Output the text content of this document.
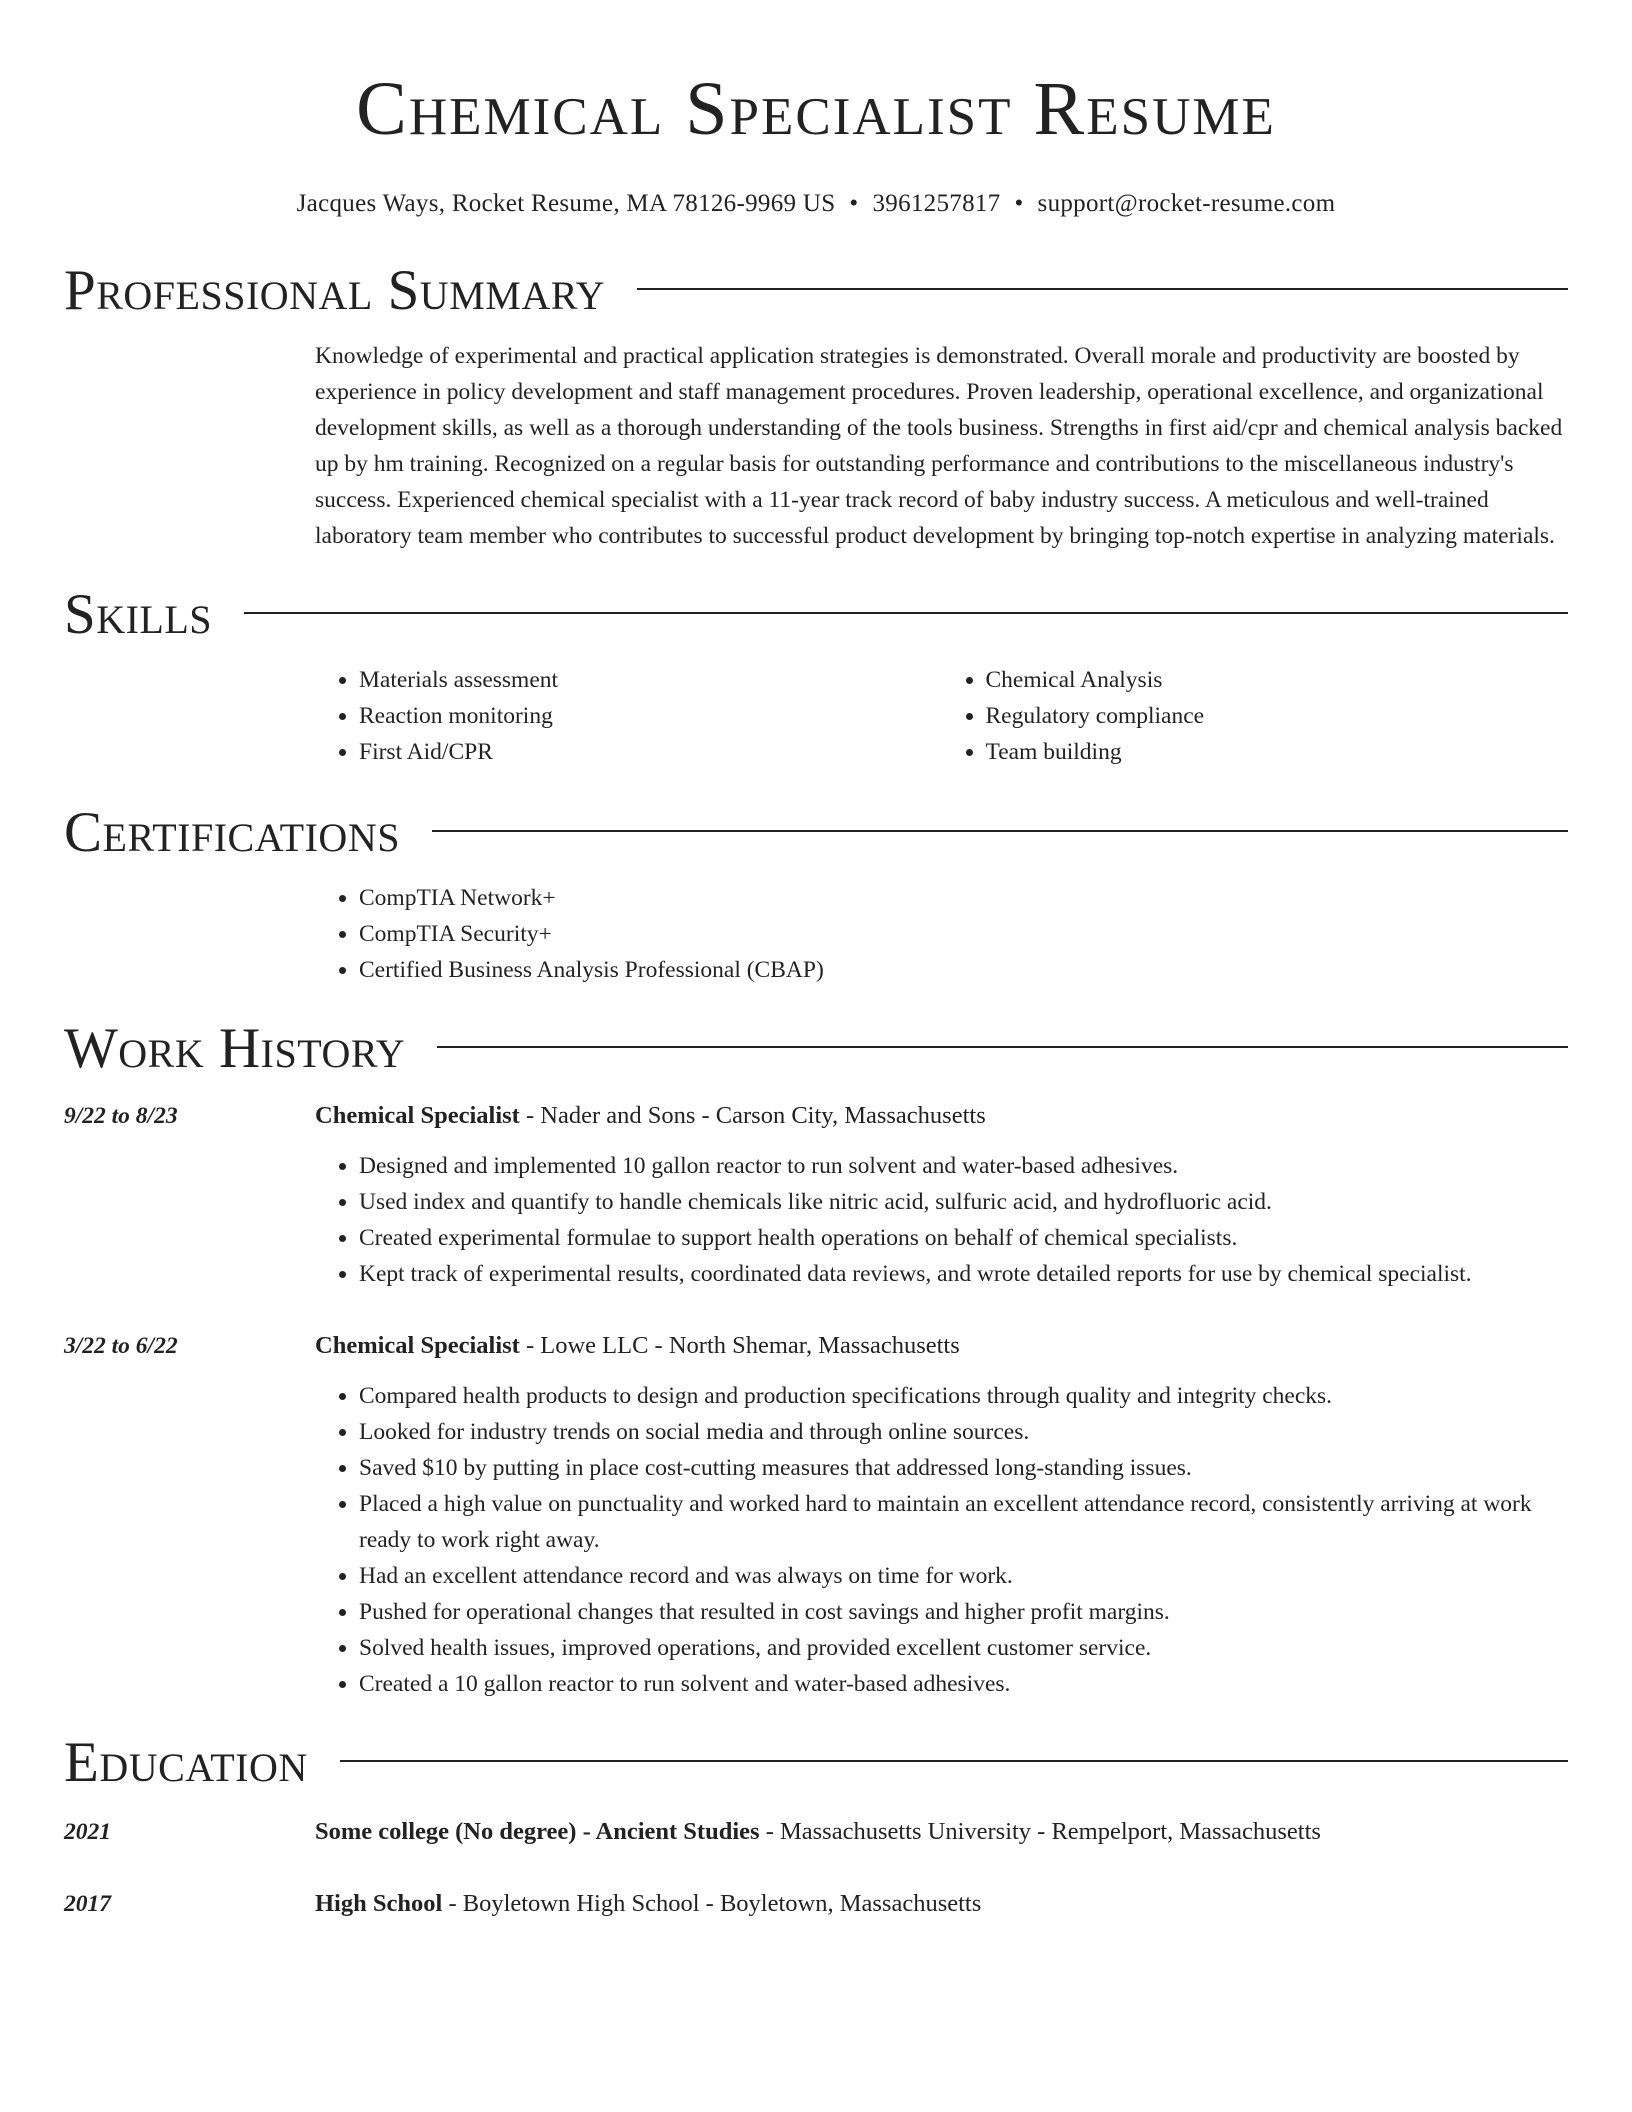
Chemical Specialist Resume
Jacques Ways, Rocket Resume, MA 78126-9969 US • 3961257817 • support@rocket-resume.com
Professional Summary
Knowledge of experimental and practical application strategies is demonstrated. Overall morale and productivity are boosted by experience in policy development and staff management procedures. Proven leadership, operational excellence, and organizational development skills, as well as a thorough understanding of the tools business. Strengths in first aid/cpr and chemical analysis backed up by hm training. Recognized on a regular basis for outstanding performance and contributions to the miscellaneous industry's success. Experienced chemical specialist with a 11-year track record of baby industry success. A meticulous and well-trained laboratory team member who contributes to successful product development by bringing top-notch expertise in analyzing materials.
Skills
• Materials assessment
• Reaction monitoring
• First Aid/CPR
• Chemical Analysis
• Regulatory compliance
• Team building
Certifications
• CompTIA Network+
• CompTIA Security+
• Certified Business Analysis Professional (CBAP)
Work History
9/22 to 8/23	Chemical Specialist - Nader and Sons - Carson City, Massachusetts
• Designed and implemented 10 gallon reactor to run solvent and water-based adhesives.
• Used index and quantify to handle chemicals like nitric acid, sulfuric acid, and hydrofluoric acid.
• Created experimental formulae to support health operations on behalf of chemical specialists.
• Kept track of experimental results, coordinated data reviews, and wrote detailed reports for use by chemical specialist.
3/22 to 6/22	Chemical Specialist - Lowe LLC - North Shemar, Massachusetts
• Compared health products to design and production specifications through quality and integrity checks.
• Looked for industry trends on social media and through online sources.
• Saved $10 by putting in place cost-cutting measures that addressed long-standing issues.
• Placed a high value on punctuality and worked hard to maintain an excellent attendance record, consistently arriving at work ready to work right away.
• Had an excellent attendance record and was always on time for work.
• Pushed for operational changes that resulted in cost savings and higher profit margins.
• Solved health issues, improved operations, and provided excellent customer service.
• Created a 10 gallon reactor to run solvent and water-based adhesives.
Education
2021	Some college (No degree) - Ancient Studies - Massachusetts University - Rempelport, Massachusetts
2017	High School - Boyletown High School - Boyletown, Massachusetts
